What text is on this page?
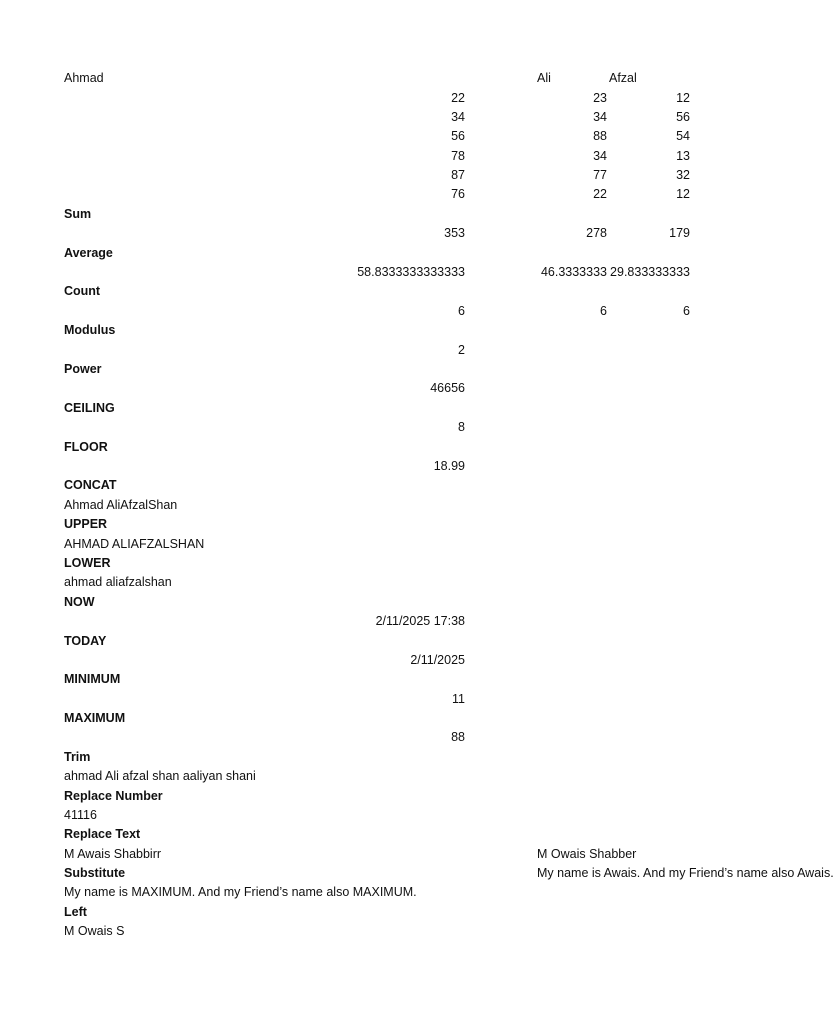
Ahmad	Ali	Afzal
22	23	12
34	34	56
56	88	54
78	34	13
87	77	32
76	22	12
Sum
353	278	179
Average
58.8333333333333	46.3333333 29.833333333
Count
6	6	6
Modulus
2
Power
46656
CEILING
8
FLOOR
18.99
CONCAT
Ahmad AliAfzalShan
UPPER
AHMAD ALIAFZALSHAN
LOWER
ahmad aliafzalshan
NOW
2/11/2025 17:38
TODAY
2/11/2025
MINIMUM
11
MAXIMUM
88
Trim
ahmad Ali afzal shan aaliyan shani
Replace Number
41116
Replace Text
M Awais Shabbirr	M Owais Shabber
Substitute	My name is Awais. And my Friend’s name also Awais.
My name is MAXIMUM. And my Friend’s name also MAXIMUM.
Left
M Owais S
